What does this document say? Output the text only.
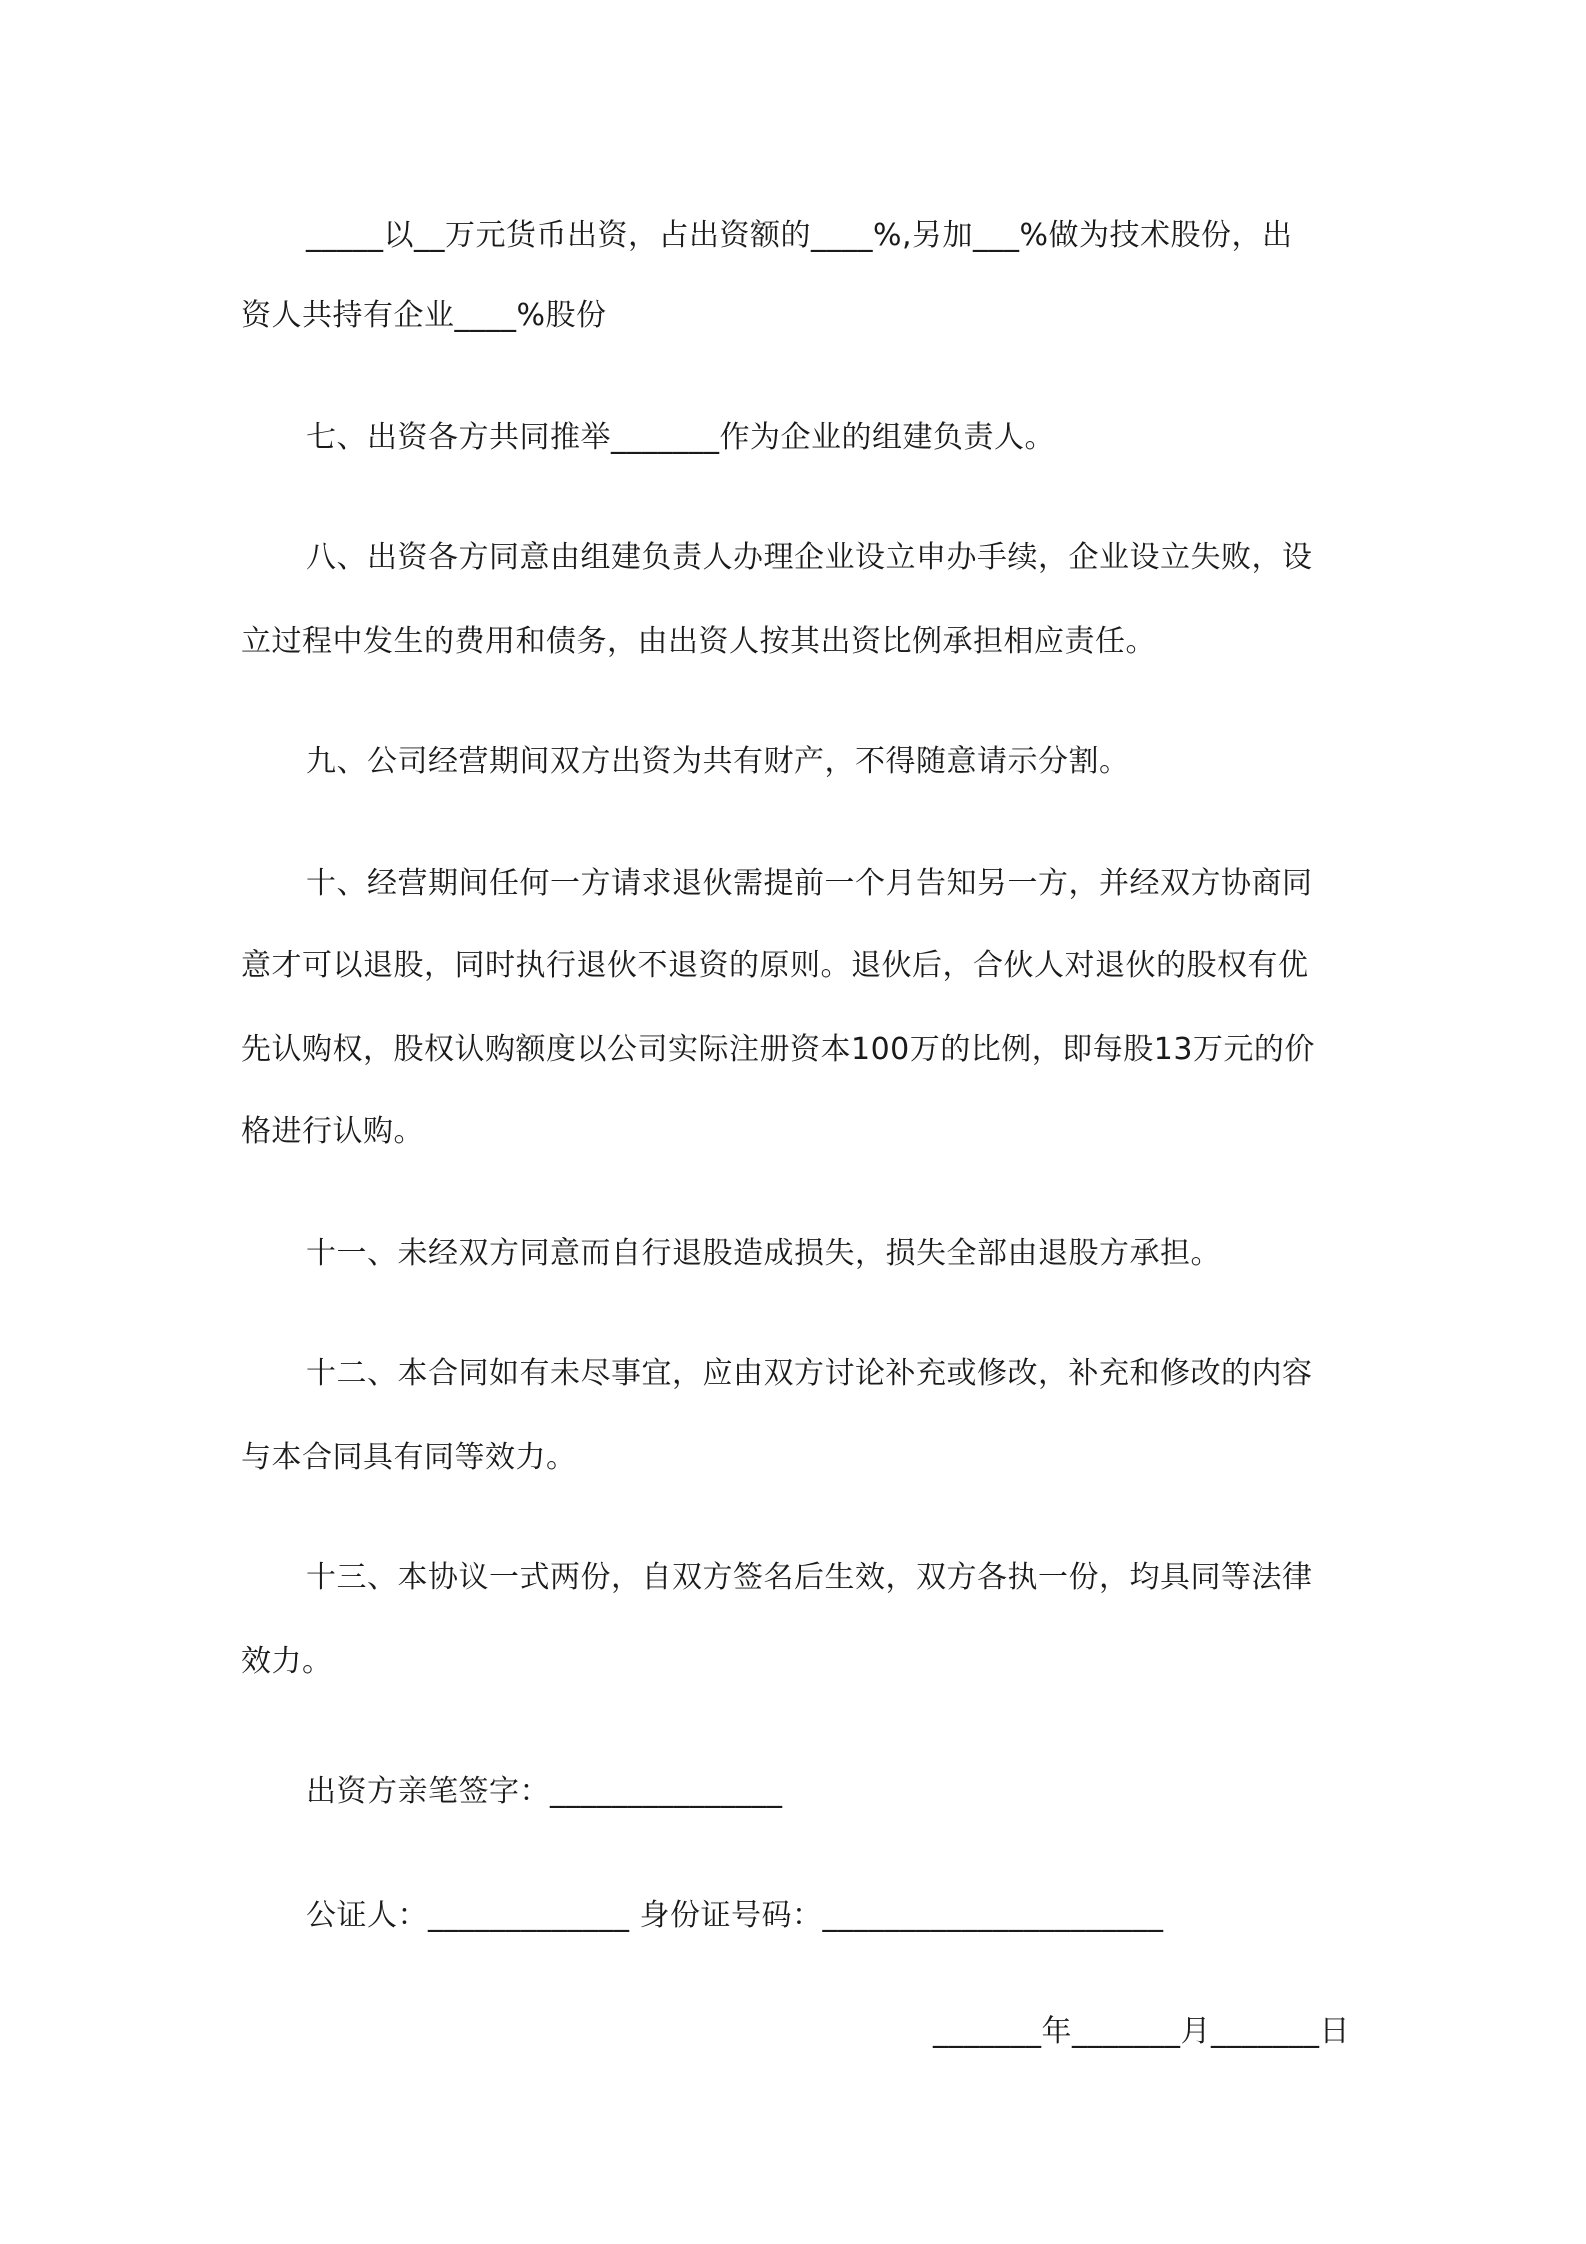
_____以__万元货币出资，占出资额的____%,另加___%做为技术股份，出
资人共持有企业____%股份
七、出资各方共同推举_______作为企业的组建负责人。
八、出资各方同意由组建负责人办理企业设立申办手续，企业设立失败，设
立过程中发生的费用和债务，由出资人按其出资比例承担相应责任。
九、公司经营期间双方出资为共有财产，不得随意请示分割。
十、经营期间任何一方请求退伙需提前一个月告知另一方，并经双方协商同
意才可以退股，同时执行退伙不退资的原则。退伙后，合伙人对退伙的股权有优
先认购权，股权认购额度以公司实际注册资本100万的比例，即每股13万元的价
格进行认购。
十一、未经双方同意而自行退股造成损失，损失全部由退股方承担。
十二、本合同如有未尽事宜，应由双方讨论补充或修改，补充和修改的内容
与本合同具有同等效力。
十三、本协议一式两份，自双方签名后生效，双方各执一份，均具同等法律
效力。
出资方亲笔签字：_______________
公证人：_____________ 身份证号码：______________________
_______年_______月_______日
